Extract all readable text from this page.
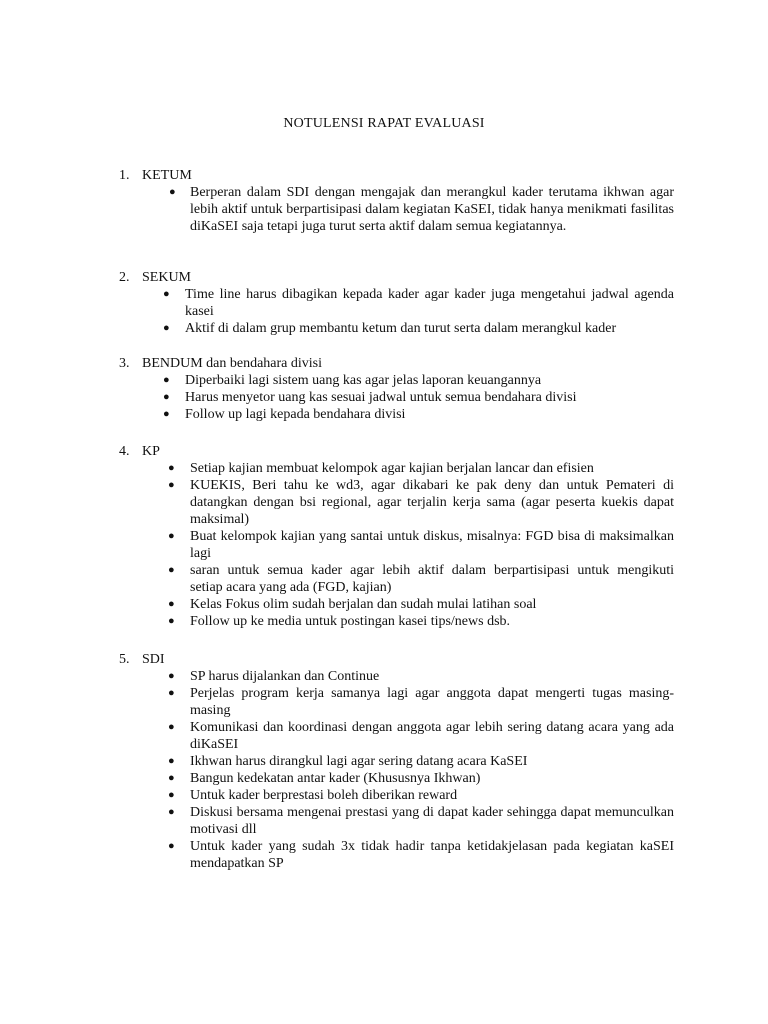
NOTULENSI RAPAT EVALUASI
1. KETUM
● Berperan dalam SDI dengan mengajak dan merangkul kader terutama ikhwan agar lebih aktif untuk berpartisipasi dalam kegiatan KaSEI, tidak hanya menikmati fasilitas diKaSEI saja tetapi juga turut serta aktif dalam semua kegiatannya.
2. SEKUM
● Time line harus dibagikan kepada kader agar kader juga mengetahui jadwal agenda kasei
● Aktif di dalam grup membantu ketum dan turut serta dalam merangkul kader
3. BENDUM dan bendahara divisi
● Diperbaiki lagi sistem uang kas agar jelas laporan keuangannya
● Harus menyetor uang kas sesuai jadwal untuk semua bendahara divisi
● Follow up lagi kepada bendahara divisi
4. KP
● Setiap kajian membuat kelompok agar kajian berjalan lancar dan efisien
● KUEKIS, Beri tahu ke wd3, agar dikabari ke pak deny dan untuk Pemateri di datangkan dengan bsi regional, agar terjalin kerja sama (agar peserta kuekis dapat maksimal)
● Buat kelompok kajian yang santai untuk diskus, misalnya: FGD bisa di maksimalkan lagi
● saran untuk semua kader agar lebih aktif dalam berpartisipasi untuk mengikuti        setiap acara yang ada (FGD, kajian)
● Kelas Fokus olim sudah berjalan dan sudah mulai latihan soal
● Follow up ke media untuk postingan kasei tips/news dsb.
5. SDI
● SP harus dijalankan dan Continue
● Perjelas program kerja samanya lagi agar anggota dapat mengerti tugas masing-masing
● Komunikasi dan koordinasi dengan anggota agar lebih sering datang acara yang ada diKaSEI
● Ikhwan harus dirangkul lagi agar sering datang acara KaSEI
● Bangun kedekatan antar kader (Khususnya Ikhwan)
● Untuk kader berprestasi boleh diberikan reward
● Diskusi bersama mengenai prestasi yang di dapat kader sehingga dapat memunculkan motivasi dll
● Untuk kader yang sudah 3x tidak hadir tanpa ketidakjelasan pada kegiatan kaSEI mendapatkan SP
